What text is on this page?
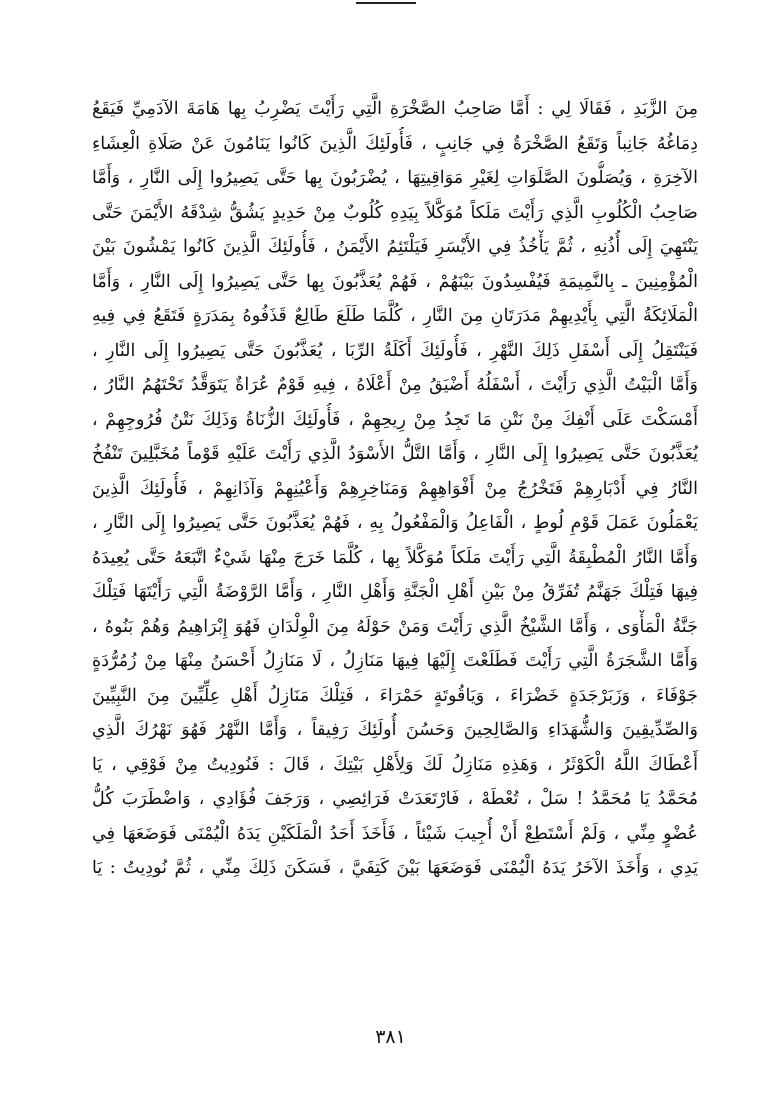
مِنَ الزَّبَدِ ، فَقَالَا لِي : أَمَّا صَاحِبُ الصَّخْرَةِ الَّتِي رَأَيْتَ يَضْرِبُ بِها هَامَةَ الآدَمِيِّ فَيَقَعُ
دِمَاغُهُ جَانِباً وَتَقَعُ الصَّخْرَةُ فِي جَانِبٍ ، فَأُولَئِكَ الَّذِينَ كَانُوا يَنَامُونَ عَنْ صَلَاةِ الْعِشَاءِ
الآخِرَةِ ، وَيُصَلُّونَ الصَّلَوَاتِ لِغَيْرِ مَوَاقِيتِهَا ، يُضْرَبُونَ بِها حَتَّى يَصِيرُوا إِلَى النَّارِ ، وَأَمَّا
صَاحِبُ الْكُلُوبِ الَّذِي رَأَيْتَ مَلَكاً مُوَكَّلاً بِيَدِهِ كُلُوبٌ مِنْ حَدِيدٍ يَشُقُّ شِدْقَهُ الأَيْمَنَ حَتَّى
يَنْتَهِيَ إِلَى أُذُنِهِ ، ثُمَّ يَأْخُذُ فِي الأَيْسَرِ فَيَلْتَئِمُ الأَيْمَنُ ، فَأُولَئِكَ الَّذِينَ كَانُوا يَمْشُونَ بَيْنَ
الْمُؤْمِنِينَ ـ بِالنَّمِيمَةِ فَيُفْسِدُونَ بَيْنَهُمْ ، فَهُمْ يُعَذَّبُونَ بِها حَتَّى يَصِيرُوا إِلَى النَّارِ ، وَأَمَّا
الْمَلَائِكَةُ الَّتِي بِأَيْدِيهِمْ مَدَرَتَانِ مِنَ النَّارِ ، كُلَّمَا طَلَعَ طَالِعٌ قَذَفُوهُ بِمَدَرَةٍ فَتَقَعُ فِي فِيهِ
فَيَنْتَقِلُ إِلَى أَسْفَلِ ذَلِكَ النَّهْرِ ، فَأُولَئِكَ أَكَلَةُ الرِّبَا ، يُعَذَّبُونَ حَتَّى يَصِيرُوا إِلَى النَّارِ ،
وَأَمَّا الْبَيْتُ الَّذِي رَأَيْتَ ، أَسْفَلُهُ أَضْيَقُ مِنْ أَعْلَاهُ ، فِيهِ قَوْمٌ عُرَاةٌ يَتَوَقَّدُ تَحْتَهُمُ النَّارُ ،
أَمْسَكْتَ عَلَى أَنْفِكَ مِنْ نَتْنِ مَا تَجِدُ مِنْ رِيحِهِمْ ، فَأُولَئِكَ الزُّنَاةُ وَذَلِكَ نَتْنُ فُرُوجِهِمْ ،
يُعَذَّبُونَ حَتَّى يَصِيرُوا إِلَى النَّارِ ، وَأَمَّا التَّلُّ الأَسْوَدُ الَّذِي رَأَيْتَ عَلَيْهِ قَوْماً مُخَبَّلِينَ تَنْفُخُ
النَّارُ فِي أَدْبَارِهِمْ فَتَخْرُجُ مِنْ أَفْوَاهِهِمْ وَمَنَاخِرِهِمْ وَأَعْيُنِهِمْ وَآذَانِهِمْ ، فَأُولَئِكَ الَّذِينَ
يَعْمَلُونَ عَمَلَ قَوْمِ لُوطٍ ، الْفَاعِلُ وَالْمَفْعُولُ بِهِ ، فَهُمْ يُعَذَّبُونَ حَتَّى يَصِيرُوا إِلَى النَّارِ ،
وَأَمَّا النَّارُ الْمُطْبِقَةُ الَّتِي رَأَيْتَ مَلَكاً مُوَكَّلاً بِها ، كُلَّمَا خَرَجَ مِنْهَا شَيْءٌ اتَّبَعَهُ حَتَّى يُعِيدَهُ
فِيهَا فَتِلْكَ جَهَنَّمُ تُفَرِّقُ مِنْ بَيْنِ أَهْلِ الْجَنَّةِ وَأَهْلِ النَّارِ ، وَأَمَّا الرَّوْضَةُ الَّتِي رَأَيْتَهَا فَتِلْكَ
جَنَّةُ الْمَأْوَى ، وَأَمَّا الشَّيْخُ الَّذِي رَأَيْتَ وَمَنْ حَوْلَهُ مِنَ الْوِلْدَانِ فَهُوَ إِبْرَاهِيمُ وَهُمْ بَنُوهُ ،
وَأَمَّا الشَّجَرَةُ الَّتِي رَأَيْتَ فَطَلَعْتَ إِلَيْهَا فِيهَا مَنَازِلُ ، لَا مَنَازِلُ أَحْسَنُ مِنْهَا مِنْ زُمُرُّدَةٍ
جَوْفَاءَ ، وَزَبَرْجَدَةٍ خَضْرَاءَ ، وَيَاقُوتَةٍ حَمْرَاءَ ، فَتِلْكَ مَنَازِلُ أَهْلِ عِلِّيِّينَ مِنَ النَّبِيِّينَ
وَالصِّدِّيقِينَ وَالشُّهَدَاءِ وَالصَّالِحِينَ وَحَسُنَ أُولَئِكَ رَفِيقاً ، وَأَمَّا النَّهْرُ فَهُوَ نَهْرُكَ الَّذِي
أَعْطَاكَ اللَّهُ الْكَوْثَرُ ، وَهَذِهِ مَنَازِلُ لَكَ وَلِأَهْلِ بَيْتِكَ ، قَالَ : فَنُودِيتُ مِنْ فَوْقِي ، يَا
مُحَمَّدُ يَا مُحَمَّدُ ! سَلْ ، تُعْطَهْ ، فَارْتَعَدَتْ فَرَائِصِي ، وَرَجَفَ فُؤَادِي ، وَاضْطَرَبَ كُلُّ
عُضْوٍ مِنِّي ، وَلَمْ أَسْتَطِعْ أَنْ أُجِيبَ شَيْئاً ، فَأَخَذَ أَحَدُ الْمَلَكَيْنِ يَدَهُ الْيُمْنَى فَوَضَعَهَا فِي
يَدِي ، وَأَخَذَ الآخَرُ يَدَهُ الْيُمْنَى فَوَضَعَهَا بَيْنَ كَتِفَيَّ ، فَسَكَنَ ذَلِكَ مِنِّي ، ثُمَّ نُودِيتُ : يَا
٣٨١
